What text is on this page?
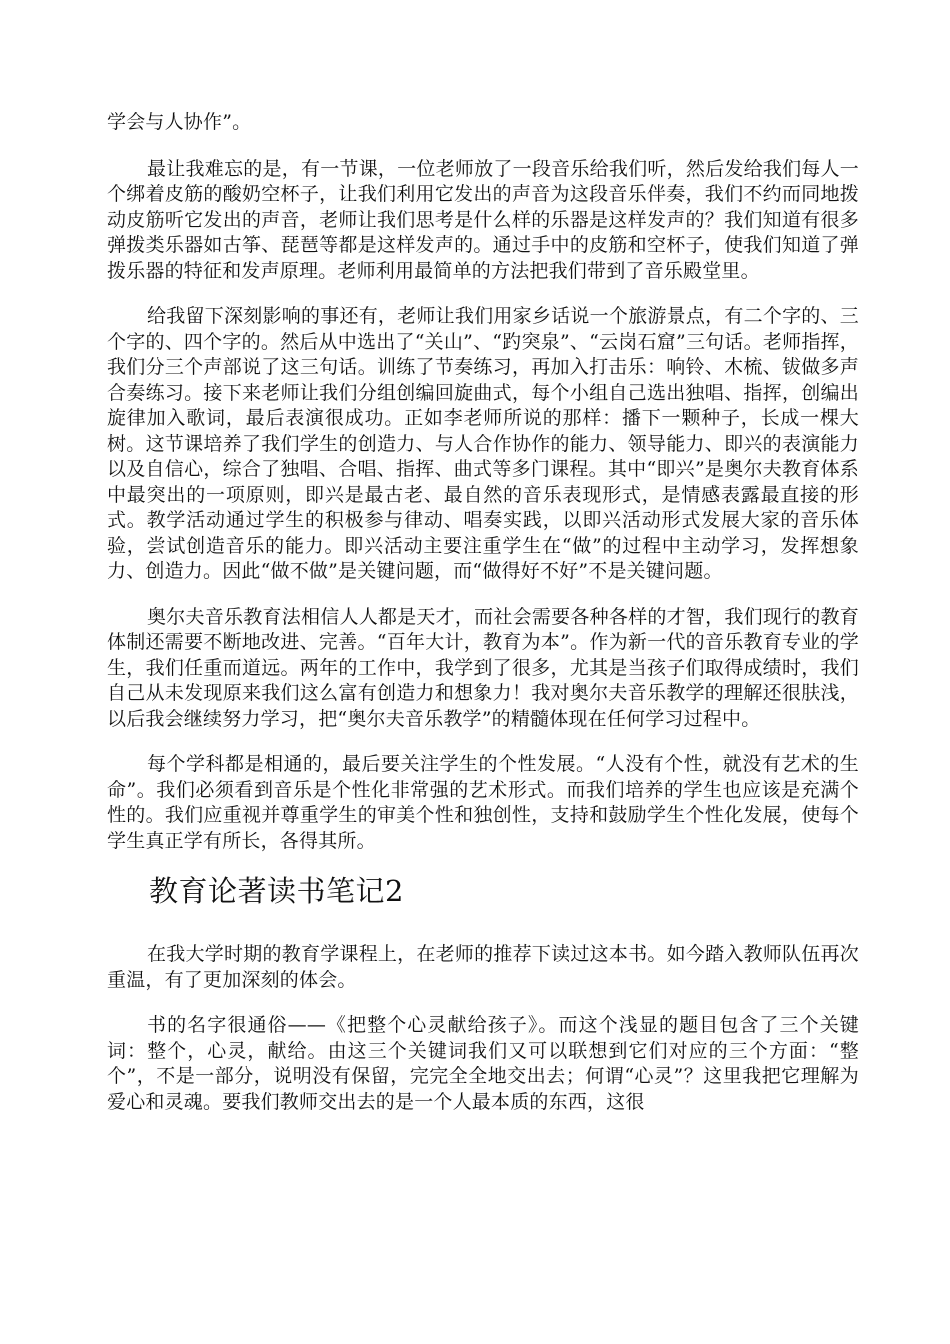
学会与人协作”。

最让我难忘的是，有一节课，一位老师放了一段音乐给我们听，然后发给我们每人一个绑着皮筋的酸奶空杯子，让我们利用它发出的声音为这段音乐伴奏，我们不约而同地拨动皮筋听它发出的声音，老师让我们思考是什么样的乐器是这样发声的？我们知道有很多弹拨类乐器如古筝、琵琶等都是这样发声的。通过手中的皮筋和空杯子，使我们知道了弹拨乐器的特征和发声原理。老师利用最简单的方法把我们带到了音乐殿堂里。

给我留下深刻影响的事还有，老师让我们用家乡话说一个旅游景点，有二个字的、三个字的、四个字的。然后从中选出了“关山”、“趵突泉”、“云岗石窟”三句话。老师指挥，我们分三个声部说了这三句话。训练了节奏练习，再加入打击乐：响铃、木梳、钹做多声合奏练习。接下来老师让我们分组创编回旋曲式，每个小组自己选出独唱、指挥，创编出旋律加入歌词，最后表演很成功。正如李老师所说的那样：播下一颗种子，长成一棵大树。这节课培养了我们学生的创造力、与人合作协作的能力、领导能力、即兴的表演能力以及自信心，综合了独唱、合唱、指挥、曲式等多门课程。其中“即兴”是奥尔夫教育体系中最突出的一项原则，即兴是最古老、最自然的音乐表现形式，是情感表露最直接的形式。教学活动通过学生的积极参与律动、唱奏实践，以即兴活动形式发展大家的音乐体验，尝试创造音乐的能力。即兴活动主要注重学生在“做”的过程中主动学习，发挥想象力、创造力。因此“做不做”是关键问题，而“做得好不好”不是关键问题。

奥尔夫音乐教育法相信人人都是天才，而社会需要各种各样的才智，我们现行的教育体制还需要不断地改进、完善。“百年大计，教育为本”。作为新一代的音乐教育专业的学生，我们任重而道远。两年的工作中，我学到了很多，尤其是当孩子们取得成绩时，我们自己从未发现原来我们这么富有创造力和想象力！我对奥尔夫音乐教学的理解还很肤浅，以后我会继续努力学习，把“奥尔夫音乐教学”的精髓体现在任何学习过程中。

每个学科都是相通的，最后要关注学生的个性发展。“人没有个性，就没有艺术的生命”。我们必须看到音乐是个性化非常强的艺术形式。而我们培养的学生也应该是充满个性的。我们应重视并尊重学生的审美个性和独创性，支持和鼓励学生个性化发展，使每个学生真正学有所长，各得其所。

教育论著读书笔记2

在我大学时期的教育学课程上，在老师的推荐下读过这本书。如今踏入教师队伍再次重温，有了更加深刻的体会。

书的名字很通俗——《把整个心灵献给孩子》。而这个浅显的题目包含了三个关键词：整个，心灵，献给。由这三个关键词我们又可以联想到它们对应的三个方面：“整个”，不是一部分，说明没有保留，完完全全地交出去；何谓“心灵”？这里我把它理解为爱心和灵魂。要我们教师交出去的是一个人最本质的东西，这很
